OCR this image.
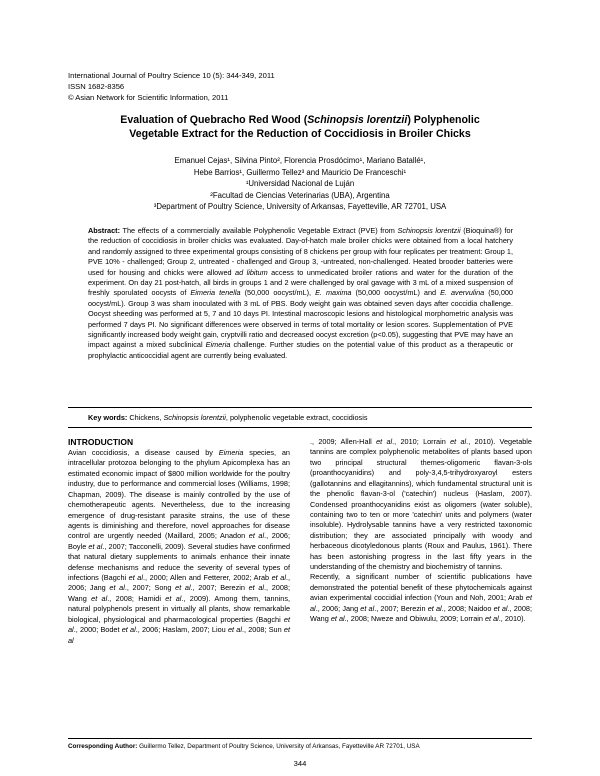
International Journal of Poultry Science 10 (5): 344-349, 2011
ISSN 1682-8356
© Asian Network for Scientific Information, 2011
Evaluation of Quebracho Red Wood (Schinopsis lorentzii) Polyphenolic
Vegetable Extract for the Reduction of Coccidiosis in Broiler Chicks
Emanuel Cejas¹, Silvina Pinto², Florencia Prosdócimo¹, Mariano Batallé¹,
Hebe Barrios¹, Guillermo Tellez³ and Mauricio De Franceschi¹
¹Universidad Nacional de Luján
²Facultad de Ciencias Veterinarias (UBA), Argentina
³Department of Poultry Science, University of Arkansas, Fayetteville, AR 72701, USA
Abstract: The effects of a commercially available Polyphenolic Vegetable Extract (PVE) from Schinopsis lorentzii (Bioquina®) for the reduction of coccidiosis in broiler chicks was evaluated. Day-of-hatch male broiler chicks were obtained from a local hatchery and randomly assigned to three experimental groups consisting of 8 chickens per group with four replicates per treatment: Group 1, PVE 10% - challenged; Group 2, untreated - challenged and Group 3, -untreated, non-challenged. Heated brooder batteries were used for housing and chicks were allowed ad libitum access to unmedicated broiler rations and water for the duration of the experiment. On day 21 post-hatch, all birds in groups 1 and 2 were challenged by oral gavage with 3 mL of a mixed suspension of freshly sporulated oocysts of Eimeria tenella (50,000 oocyst/mL), E. maxima (50,000 oocyst/mL) and E. avervulina (50,000 oocyst/mL). Group 3 was sham inoculated with 3 mL of PBS. Body weight gain was obtained seven days after coccidia challenge. Oocyst sheeding was performed at 5, 7 and 10 days PI. Intestinal macroscopic lesions and histological morphometric analysis was performed 7 days PI. No significant differences were observed in terms of total mortality or lesion scores. Supplementation of PVE significantly increased body weight gain, cryptvilli ratio and decreased oocyst excretion (p<0.05), suggesting that PVE may have an impact against a mixed subclinical Eimeria challenge. Further studies on the potential value of this product as a therapeutic or prophylactic anticoccidial agent are currently being evaluated.
Key words: Chickens, Schinopsis lorentzii, polyphenolic vegetable extract, coccidiosis
INTRODUCTION

Avian coccidiosis, a disease caused by Eimeria species, an intracellular protozoa belonging to the phylum Apicomplexa has an estimated economic impact of $800 million worldwide for the poultry industry, due to performance and commercial loses (Williams, 1998; Chapman, 2009). The disease is mainly controlled by the use of chemotherapeutic agents. Nevertheless, due to the increasing emergence of drug-resistant parasite strains, the use of these agents is diminishing and therefore, novel approaches for disease control are urgently needed (Maillard, 2005; Anadon et al., 2006; Boyle et al., 2007; Tacconelli, 2009). Several studies have confirmed that natural dietary supplements to animals enhance their innate defense mechanisms and reduce the severity of several types of infections (Bagchi et al., 2000; Allen and Fetterer, 2002; Arab et al., 2006; Jang et al., 2007; Song et al., 2007; Berezin et al., 2008; Wang et al., 2008; Hamidi et al., 2009). Among them, tannins, natural polyphenols present in virtually all plants, show remarkable biological, physiological and pharmacological properties (Bagchi et al., 2000; Bodet et al., 2006; Haslam, 2007; Liou et al., 2008; Sun et al

., 2009; Allen-Hall et al., 2010; Lorrain et al., 2010). Vegetable tannins are complex polyphenolic metabolites of plants based upon two principal structural themes-oligomeric flavan-3-ols (proanthocyanidins) and poly-3,4,5-trihydroxyaroyl esters (gallotannins and ellagitannins), which fundamental structural unit is the phenolic flavan-3-ol ('catechin') nucleus (Haslam, 2007). Condensed proanthocyanidins exist as oligomers (water soluble), containing two to ten or more 'catechin' units and polymers (water insoluble). Hydrolysable tannins have a very restricted taxonomic distribution; they are associated principally with woody and herbaceous dicotyledonous plants (Roux and Paulus, 1961). There has been astonishing progress in the last fifty years in the understanding of the chemistry and biochemistry of tannins.

Recently, a significant number of scientific publications have demonstrated the potential benefit of these phytochemicals against avian experimental coccidial infection (Youn and Noh, 2001; Arab et al., 2006; Jang et al., 2007; Berezin et al., 2008; Naidoo et al., 2008; Wang et al., 2008; Nweze and Obiwulu, 2009; Lorrain et al., 2010).

Corresponding Author: Guillermo Tellez, Department of Poultry Science, University of Arkansas, Fayetteville AR 72701, USA
344
